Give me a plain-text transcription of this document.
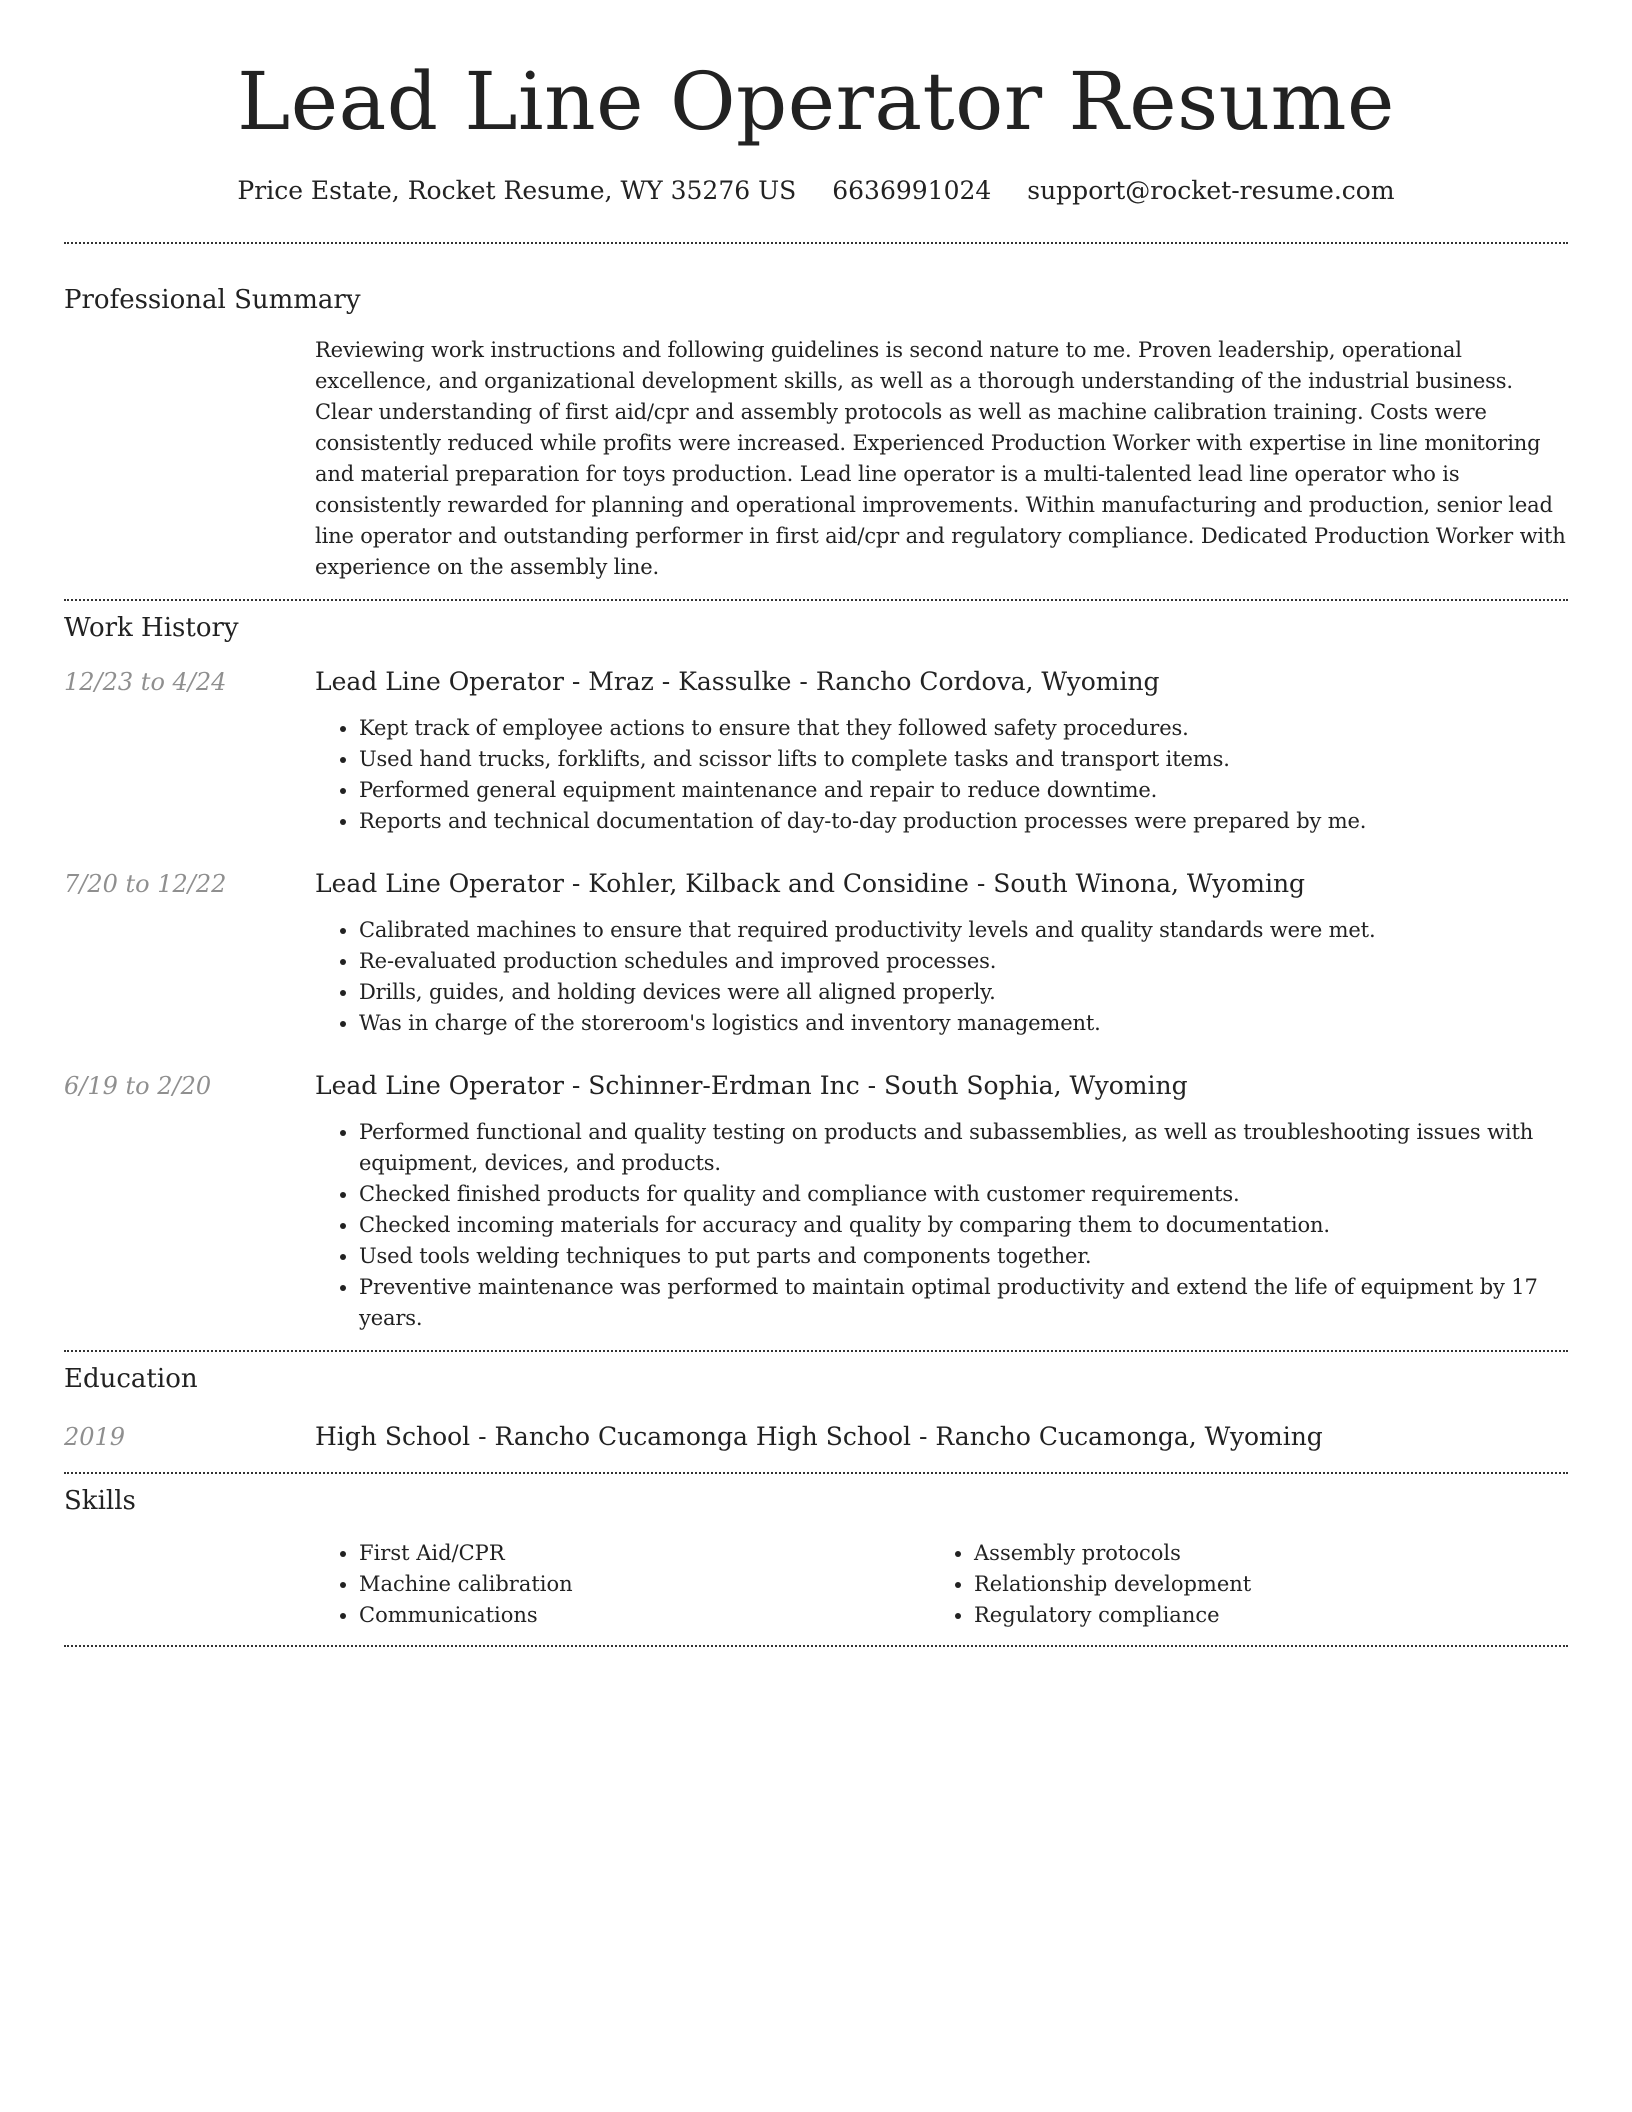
Lead Line Operator Resume
Price Estate, Rocket Resume, WY 35276 US 6636991024 support@rocket-resume.com
Professional Summary

Reviewing work instructions and following guidelines is second nature to me. Proven leadership, operational excellence, and organizational development skills, as well as a thorough understanding of the industrial business. Clear understanding of first aid/cpr and assembly protocols as well as machine calibration training. Costs were consistently reduced while profits were increased. Experienced Production Worker with expertise in line monitoring and material preparation for toys production. Lead line operator is a multi-talented lead line operator who is consistently rewarded for planning and operational improvements. Within manufacturing and production, senior lead line operator and outstanding performer in first aid/cpr and regulatory compliance. Dedicated Production Worker with experience on the assembly line.

Work History
12/23 to 4/24	Lead Line Operator - Mraz - Kassulke - Rancho Cordova, Wyoming
• Kept track of employee actions to ensure that they followed safety procedures.
• Used hand trucks, forklifts, and scissor lifts to complete tasks and transport items.
• Performed general equipment maintenance and repair to reduce downtime.
• Reports and technical documentation of day-to-day production processes were prepared by me.
7/20 to 12/22	Lead Line Operator - Kohler, Kilback and Considine - South Winona, Wyoming
• Calibrated machines to ensure that required productivity levels and quality standards were met.
• Re-evaluated production schedules and improved processes.
• Drills, guides, and holding devices were all aligned properly.
• Was in charge of the storeroom's logistics and inventory management.
6/19 to 2/20	Lead Line Operator - Schinner-Erdman Inc - South Sophia, Wyoming
• Performed functional and quality testing on products and subassemblies, as well as troubleshooting issues with equipment, devices, and products.
• Checked finished products for quality and compliance with customer requirements.
• Checked incoming materials for accuracy and quality by comparing them to documentation.
• Used tools welding techniques to put parts and components together.
• Preventive maintenance was performed to maintain optimal productivity and extend the life of equipment by 17 years.
Education
2019	High School - Rancho Cucamonga High School - Rancho Cucamonga, Wyoming
Skills
• First Aid/CPR
• Machine calibration
• Communications
• Assembly protocols
• Relationship development
• Regulatory compliance
